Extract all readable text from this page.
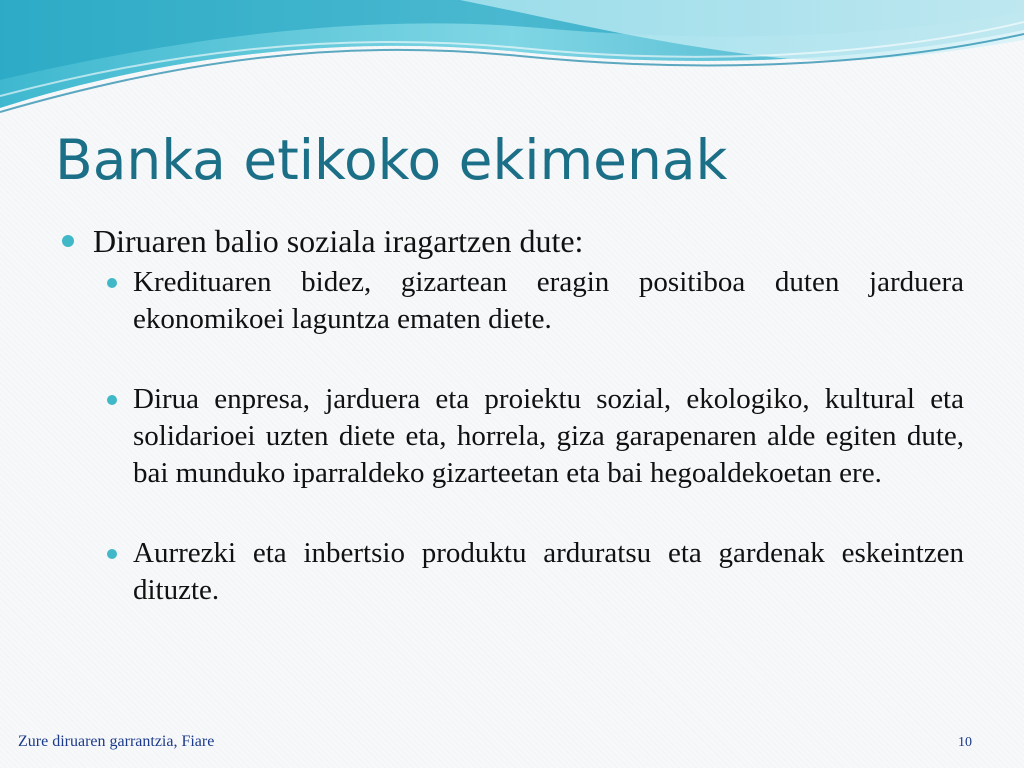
Banka etikoko ekimenak
Diruaren balio soziala iragartzen dute:
Kredituaren bidez, gizartean eragin positiboa duten jarduera ekonomikoei laguntza ematen diete.
Dirua enpresa, jarduera eta proiektu sozial, ekologiko, kultural eta solidarioei uzten diete eta, horrela, giza garapenaren alde egiten dute, bai munduko iparraldeko gizarteetan eta bai hegoaldekoetan ere.
Aurrezki eta inbertsio produktu arduratsu eta gardenak eskeintzen dituzte.
Zure diruaren garrantzia, Fiare	10
